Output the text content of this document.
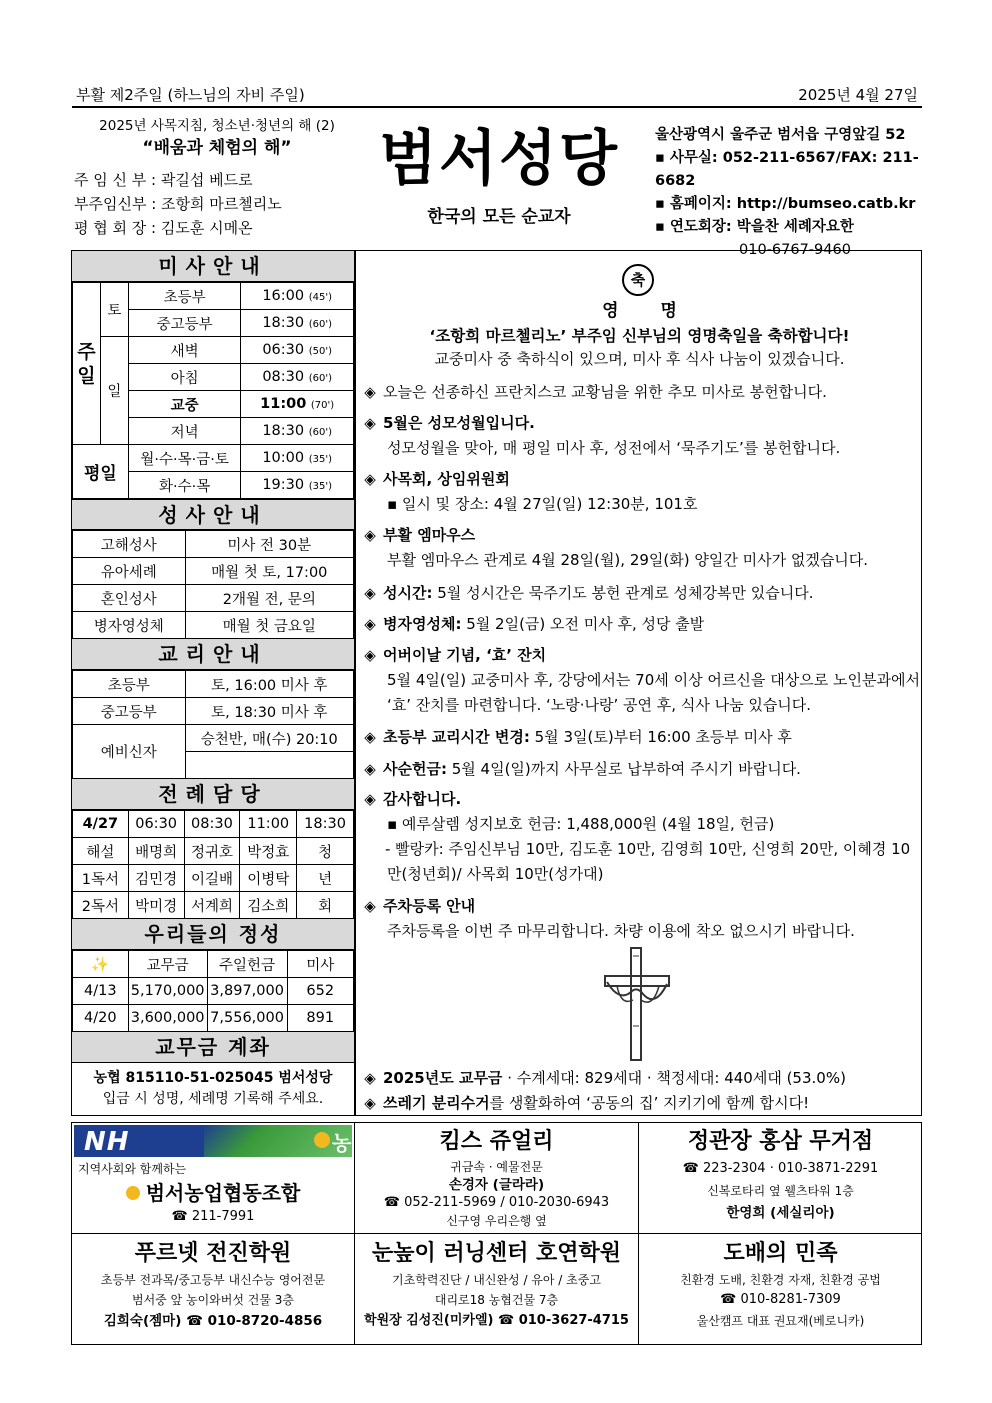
부활 제2주일 (하느님의 자비 주일)	2025년 4월 27일
2025년 사목지침, 청소년·청년의 해 (2)
“배움과 체험의 해”
주 임 신 부 : 곽길섭 베드로
부주임신부 : 조항희 마르첼리노
평 협 회 장 : 김도훈 시메온
범서성당
한국의 모든 순교자
울산광역시 울주군 범서읍 구영앞길 52
▪ 사무실: 052-211-6567/FAX: 211-6682
▪ 홈페이지: http://bumseo.catb.kr
▪ 연도회장: 박을찬 세례자요한
010-6767-9460
미사안내
주일	토	초등부	16:00 (45')
		중고등부	18:30 (60')
	일	새벽	06:30 (50')
		아침	08:30 (60')
		교중	11:00 (70')
		저녁	18:30 (60')
평일		월·수·목·금·토	10:00 (35')
		화·수·목	19:30 (35')
성사안내
고해성사	미사 전 30분
유아세례	매월 첫 토, 17:00
혼인성사	2개월 전, 문의
병자영성체	매월 첫 금요일
교리안내
초등부	토, 16:00 미사 후
중고등부	토, 18:30 미사 후
예비신자	승천반, 매(수) 20:10

전례담당
4/27	06:30	08:30	11:00	18:30
해설	배명희	정귀호	박정효	청
1독서	김민경	이길배	이병탁	년
2독서	박미경	서계희	김소희	회
우리들의 정성
✨	교무금	주일헌금	미사
4/13	5,170,000	3,897,000	652
4/20	3,600,000	7,556,000	891
교무금 계좌
농협 815110-51-025045 범서성당
입금 시 성명, 세례명 기록해 주세요.
축
영 명
‘조항희 마르첼리노’ 부주임 신부님의 영명축일을 축하합니다!
교중미사 중 축하식이 있으며, 미사 후 식사 나눔이 있겠습니다.
◈ 오늘은 선종하신 프란치스코 교황님을 위한 추모 미사로 봉헌합니다.
◈ 5월은 성모성월입니다.
성모성월을 맞아, 매 평일 미사 후, 성전에서 ‘묵주기도’를 봉헌합니다.
◈ 사목회, 상임위원회
▪ 일시 및 장소: 4월 27일(일) 12:30분, 101호
◈ 부활 엠마우스
부활 엠마우스 관계로 4월 28일(월), 29일(화) 양일간 미사가 없겠습니다.
◈ 성시간: 5월 성시간은 묵주기도 봉헌 관계로 성체강복만 있습니다.
◈ 병자영성체: 5월 2일(금) 오전 미사 후, 성당 출발
◈ 어버이날 기념, ‘효’ 잔치
5월 4일(일) 교중미사 후, 강당에서는 70세 이상 어르신을 대상으로 노인분과에서 ‘효’ 잔치를 마련합니다. ‘노랑·나랑’ 공연 후, 식사 나눔 있습니다.
◈ 초등부 교리시간 변경: 5월 3일(토)부터 16:00 초등부 미사 후
◈ 사순헌금: 5월 4일(일)까지 사무실로 납부하여 주시기 바랍니다.
◈ 감사합니다.
▪ 예루살렘 성지보호 헌금: 1,488,000원 (4월 18일, 헌금)
- 빨랑카: 주임신부님 10만, 김도훈 10만, 김영희 10만, 신영희 20만, 이혜경 10만(청년회)/ 사목회 10만(성가대)
◈ 주차등록 안내
주차등록을 이번 주 마무리합니다. 차량 이용에 착오 없으시기 바랍니다.
◈ 2025년도 교무금 · 수계세대: 829세대 · 책정세대: 440세대 (53.0%)
◈ 쓰레기 분리수거를 생활화하여 ‘공동의 집’ 지키기에 함께 합시다!
NH	농협
지역사회와 함께하는
범서농업협동조합
☎ 211-7991
킴스 쥬얼리
귀금속 · 예물전문
손경자 (글라라)
☎ 052-211-5969 / 010-2030-6943
신구영 우리은행 옆
정관장 홍삼 무거점
☎ 223-2304 · 010-3871-2291
신복로타리 옆 웰츠타워 1층
한영희 (세실리아)
푸르넷 전진학원
초등부 전과목/중고등부 내신수능 영어전문
범서중 앞 농이와버섯 건물 3층
김희숙(젬마) ☎ 010-8720-4856
눈높이 러닝센터 호연학원
기초학력진단 / 내신완성 / 유아 / 초중고
대리로18 농협건물 7층
학원장 김성진(미카엘) ☎ 010-3627-4715
도배의 민족
친환경 도배, 친환경 자재, 친환경 공법
☎ 010-8281-7309
울산캠프 대표 권묘재(베로니카)
